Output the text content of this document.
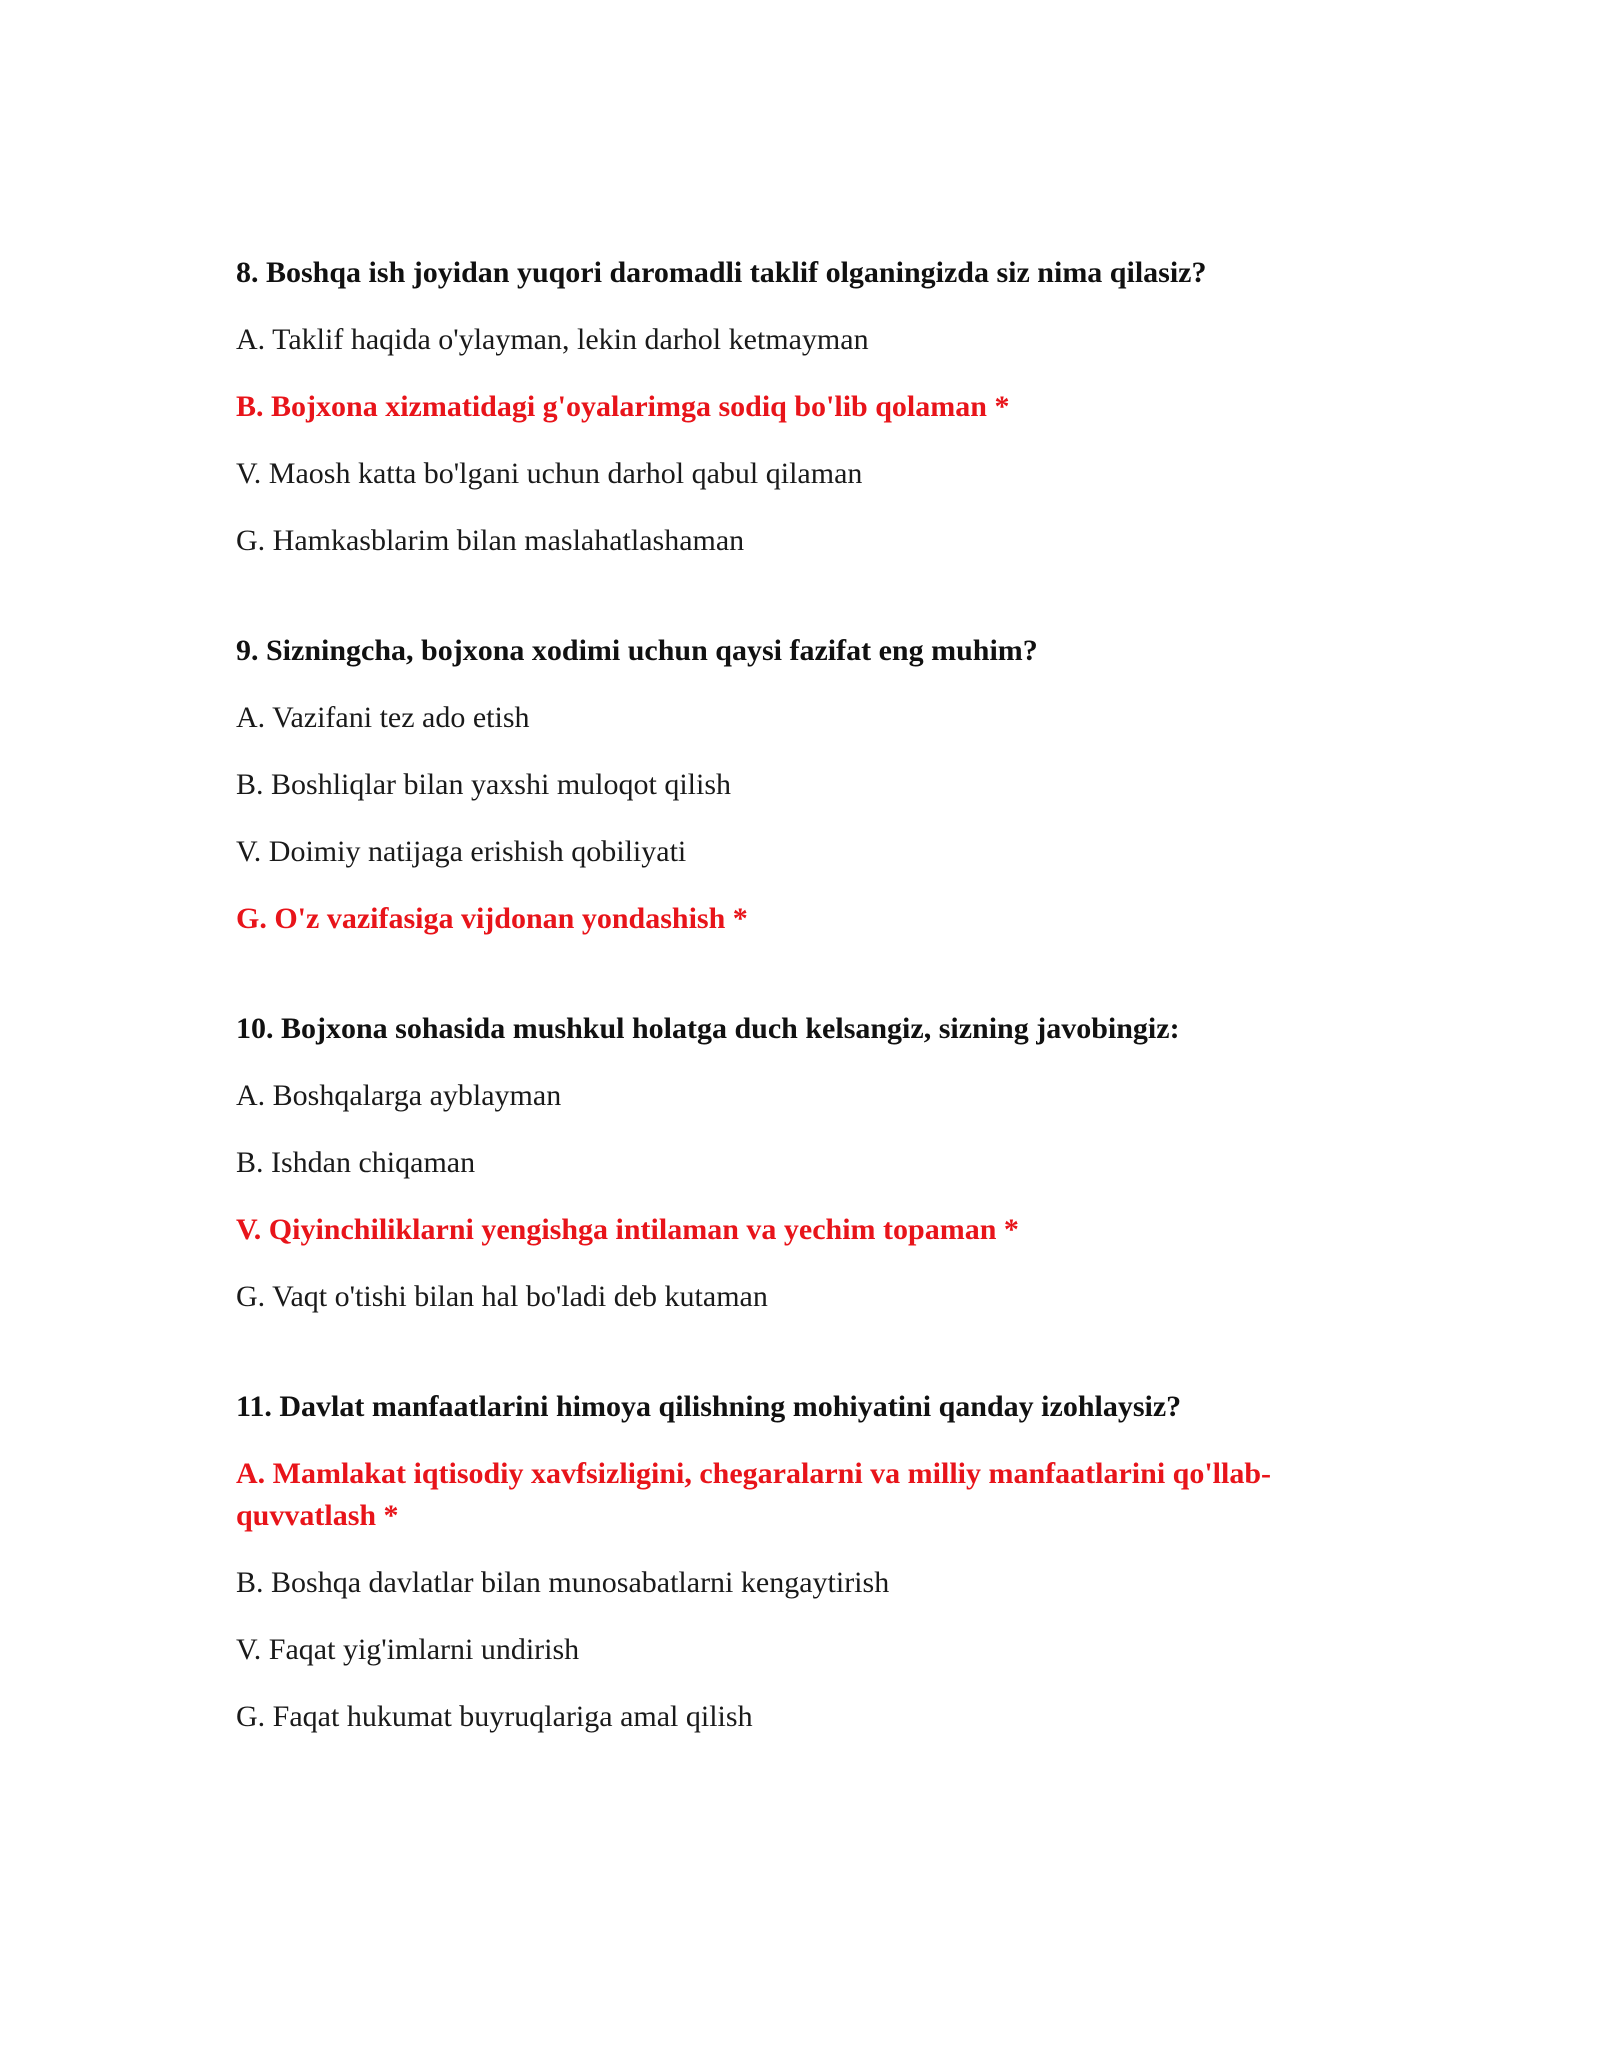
8. Boshqa ish joyidan yuqori daromadli taklif olganingizda siz nima qilasiz?
A. Taklif haqida o'ylayman, lekin darhol ketmayman
B. Bojxona xizmatidagi g'oyalarimga sodiq bo'lib qolaman *
V. Maosh katta bo'lgani uchun darhol qabul qilaman
G. Hamkasblarim bilan maslahatlashaman
9. Sizningcha, bojxona xodimi uchun qaysi fazifat eng muhim?
A. Vazifani tez ado etish
B. Boshliqlar bilan yaxshi muloqot qilish
V. Doimiy natijaga erishish qobiliyati
G. O'z vazifasiga vijdonan yondashish *
10. Bojxona sohasida mushkul holatga duch kelsangiz, sizning javobingiz:
A. Boshqalarga ayblayman
B. Ishdan chiqaman
V. Qiyinchiliklarni yengishga intilaman va yechim topaman *
G. Vaqt o'tishi bilan hal bo'ladi deb kutaman
11. Davlat manfaatlarini himoya qilishning mohiyatini qanday izohlaysiz?
A. Mamlakat iqtisodiy xavfsizligini, chegaralarni va milliy manfaatlarini qo'llab-quvvatlash *
B. Boshqa davlatlar bilan munosabatlarni kengaytirish
V. Faqat yig'imlarni undirish
G. Faqat hukumat buyruqlariga amal qilish
